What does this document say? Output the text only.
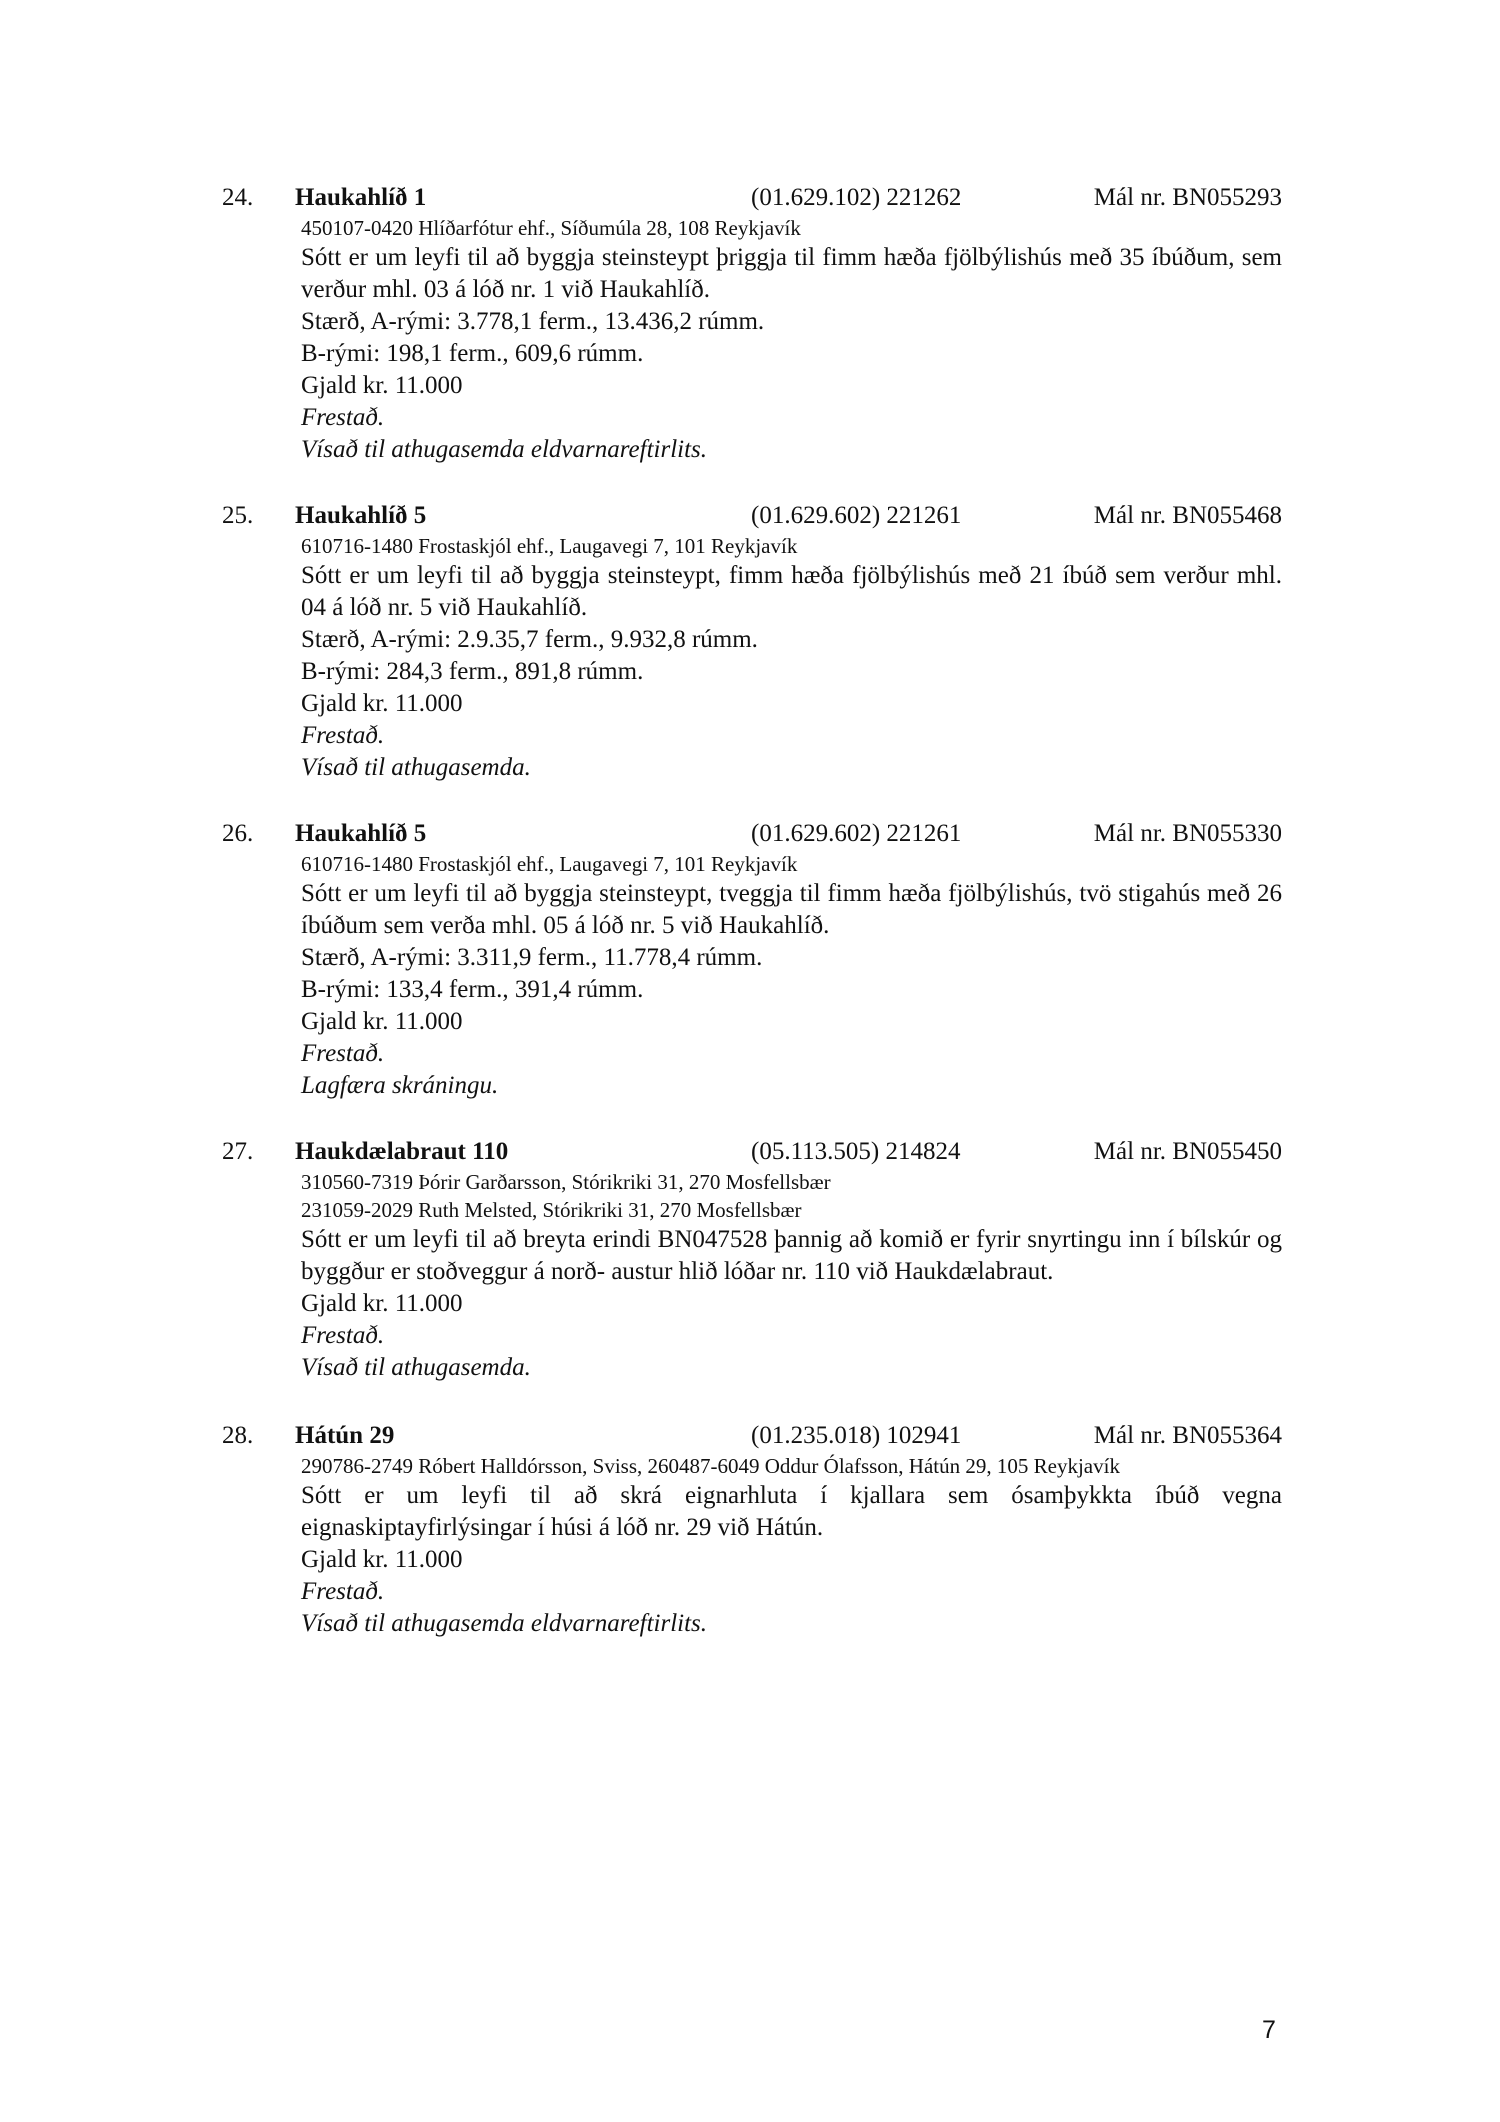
24. Haukahlíð 1	(01.629.102) 221262	Mál nr. BN055293
450107-0420 Hlíðarfótur ehf., Síðumúla 28, 108 Reykjavík
Sótt er um leyfi til að byggja steinsteypt þriggja til fimm hæða fjölbýlishús með 35 íbúðum, sem verður mhl. 03 á lóð nr. 1 við Haukahlíð.
Stærð, A-rými: 3.778,1 ferm., 13.436,2 rúmm.
B-rými: 198,1 ferm., 609,6 rúmm.
Gjald kr. 11.000
Frestað.
Vísað til athugasemda eldvarnareftirlits.
25. Haukahlíð 5	(01.629.602) 221261	Mál nr. BN055468
610716-1480 Frostaskjól ehf., Laugavegi 7, 101 Reykjavík
Sótt er um leyfi til að byggja steinsteypt, fimm hæða fjölbýlishús með 21 íbúð sem verður mhl. 04 á lóð nr. 5 við Haukahlíð.
Stærð, A-rými: 2.9.35,7 ferm., 9.932,8 rúmm.
B-rými: 284,3 ferm., 891,8 rúmm.
Gjald kr. 11.000
Frestað.
Vísað til athugasemda.
26. Haukahlíð 5	(01.629.602) 221261	Mál nr. BN055330
610716-1480 Frostaskjól ehf., Laugavegi 7, 101 Reykjavík
Sótt er um leyfi til að byggja steinsteypt, tveggja til fimm hæða fjölbýlishús, tvö stigahús með 26 íbúðum sem verða mhl. 05 á lóð nr. 5 við Haukahlíð.
Stærð, A-rými: 3.311,9 ferm., 11.778,4 rúmm.
B-rými: 133,4 ferm., 391,4 rúmm.
Gjald kr. 11.000
Frestað.
Lagfæra skráningu.
27. Haukdælabraut 110	(05.113.505) 214824	Mál nr. BN055450
310560-7319 Þórir Garðarsson, Stórikriki 31, 270 Mosfellsbær
231059-2029 Ruth Melsted, Stórikriki 31, 270 Mosfellsbær
Sótt er um leyfi til að breyta erindi BN047528 þannig að komið er fyrir snyrtingu inn í bílskúr og byggður er stoðveggur á norð- austur hlið lóðar nr. 110 við Haukdælabraut.
Gjald kr. 11.000
Frestað.
Vísað til athugasemda.
28. Hátún 29	(01.235.018) 102941	Mál nr. BN055364
290786-2749 Róbert Halldórsson, Sviss, 260487-6049 Oddur Ólafsson, Hátún 29, 105 Reykjavík
Sótt er um leyfi til að skrá eignarhluta í kjallara sem ósamþykkta íbúð vegna eignaskiptayfirlýsingar í húsi á lóð nr. 29 við Hátún.
Gjald kr. 11.000
Frestað.
Vísað til athugasemda eldvarnareftirlits.
7
